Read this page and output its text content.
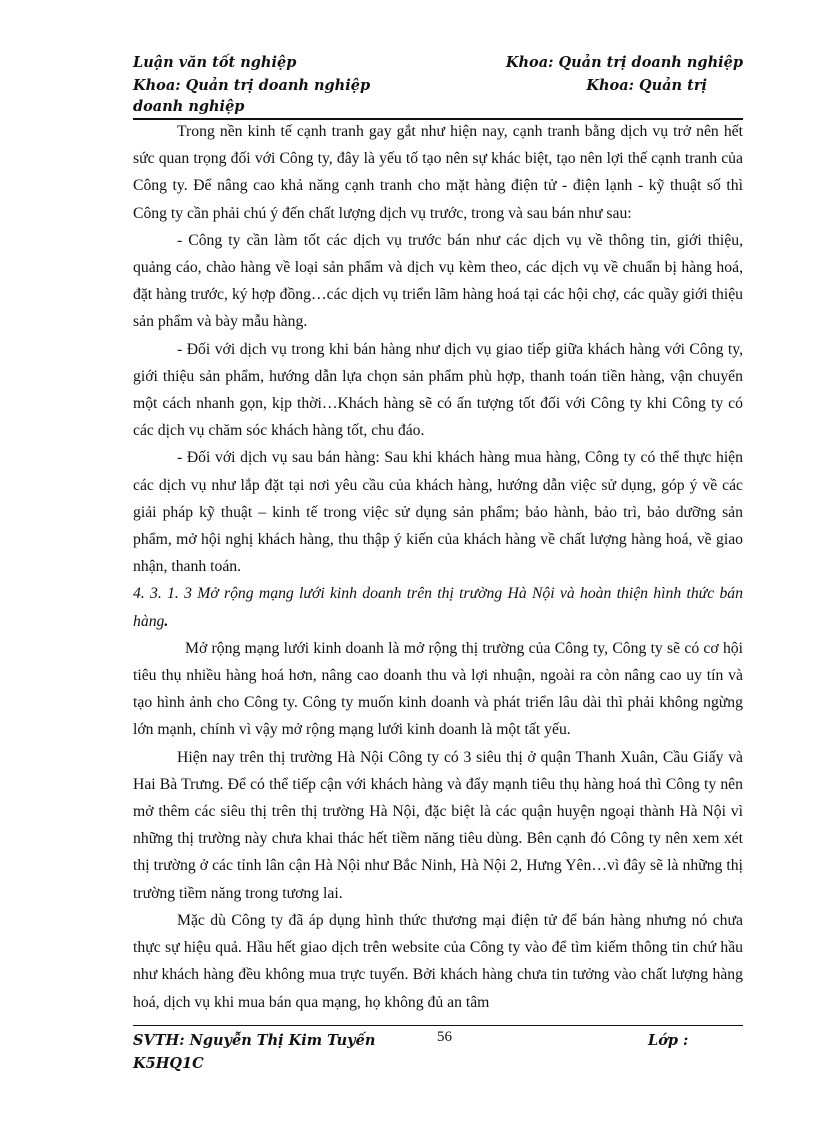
Luận văn tốt nghiệp	Khoa: Quản trị doanh nghiệp
Khoa: Quản trị doanh nghiệp	Khoa: Quản trị
doanh nghiệp

Trong nền kinh tế cạnh tranh gay gắt như hiện nay, cạnh tranh bằng dịch vụ trở nên hết sức quan trọng đối với Công ty, đây là yếu tố tạo nên sự khác biệt, tạo nên lợi thế cạnh tranh của Công ty. Để nâng cao khả năng cạnh tranh cho mặt hàng điện tử - điện lạnh - kỹ thuật số thì Công ty cần phải chú ý đến chất lượng dịch vụ trước, trong và sau bán như sau:

- Công ty cần làm tốt các dịch vụ trước bán như các dịch vụ về thông tin, giới thiệu, quảng cáo, chào hàng về loại sản phẩm và dịch vụ kèm theo, các dịch vụ về chuẩn bị hàng hoá, đặt hàng trước, ký hợp đồng…các dịch vụ triển lãm hàng hoá tại các hội chợ, các quầy giới thiệu sản phẩm và bày mẫu hàng.

- Đối với dịch vụ trong khi bán hàng như dịch vụ giao tiếp giữa khách hàng với Công ty, giới thiệu sản phẩm, hướng dẫn lựa chọn sản phẩm phù hợp, thanh toán tiền hàng, vận chuyển một cách nhanh gọn, kịp thời…Khách hàng sẽ có ấn tượng tốt đối với Công ty khi Công ty có các dịch vụ chăm sóc khách hàng tốt, chu đáo.

- Đối với dịch vụ sau bán hàng: Sau khi khách hàng mua hàng, Công ty có thể thực hiện các dịch vụ như lắp đặt tại nơi yêu cầu của khách hàng, hướng dẫn việc sử dụng, góp ý về các giải pháp kỹ thuật – kinh tế trong việc sử dụng sản phẩm; bảo hành, bảo trì, bảo dưỡng sản phẩm, mở hội nghị khách hàng, thu thập ý kiến của khách hàng về chất lượng hàng hoá, về giao nhận, thanh toán.

4. 3. 1. 3 Mở rộng mạng lưới kinh doanh trên thị trường Hà Nội và hoàn thiện hình thức bán hàng.

Mở rộng mạng lưới kinh doanh là mở rộng thị trường của Công ty, Công ty sẽ có cơ hội tiêu thụ nhiều hàng hoá hơn, nâng cao doanh thu và lợi nhuận, ngoài ra còn nâng cao uy tín và tạo hình ảnh cho Công ty. Công ty muốn kinh doanh và phát triển lâu dài thì phải không ngừng lớn mạnh, chính vì vậy mở rộng mạng lưới kinh doanh là một tất yếu.

Hiện nay trên thị trường Hà Nội Công ty có 3 siêu thị ở quận Thanh Xuân, Cầu Giấy và Hai Bà Trưng. Để có thể tiếp cận với khách hàng và đẩy mạnh tiêu thụ hàng hoá thì Công ty nên mở thêm các siêu thị trên thị trường Hà Nội, đặc biệt là các quận huyện ngoại thành Hà Nội vì những thị trường này chưa khai thác hết tiềm năng tiêu dùng. Bên cạnh đó Công ty nên xem xét thị trường ở các tỉnh lân cận Hà Nội như Bắc Ninh, Hà Nội 2, Hưng Yên…vì đây sẽ là những thị trường tiềm năng trong tương lai.

Mặc dù Công ty đã áp dụng hình thức thương mại điện tử để bán hàng nhưng nó chưa thực sự hiệu quả. Hầu hết giao dịch trên website của Công ty vào để tìm kiếm thông tin chứ hầu như khách hàng đều không mua trực tuyến. Bởi khách hàng chưa tin tưởng vào chất lượng hàng hoá, dịch vụ khi mua bán qua mạng, họ không đủ an tâm

SVTH: Nguyễn Thị Kim Tuyến	56	Lớp :
K5HQ1C
